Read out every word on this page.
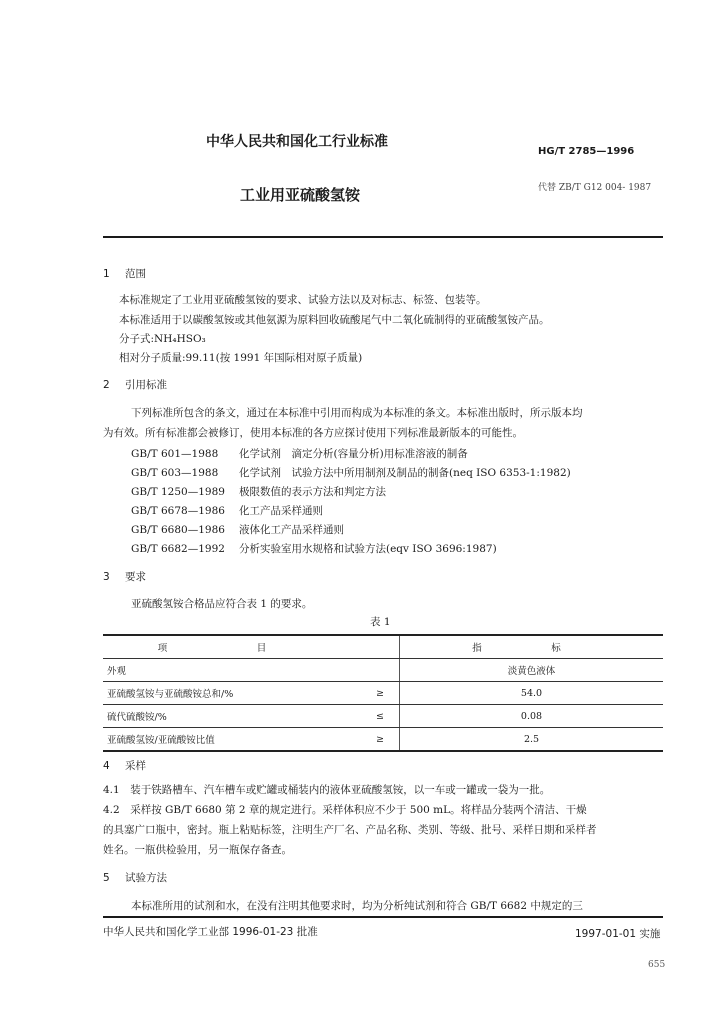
中华人民共和国化工行业标准
HG/T 2785—1996
工业用亚硫酸氢铵	代替 ZB/T G12 004- 1987
1 范围
本标准规定了工业用亚硫酸氢铵的要求、试验方法以及对标志、标签、包装等。
本标准适用于以碳酸氢铵或其他氨源为原料回收硫酸尾气中二氧化硫制得的亚硫酸氢铵产品。
分子式:NH₄HSO₃
相对分子质量:99.11(按 1991 年国际相对原子质量)
2 引用标准
下列标准所包含的条文，通过在本标准中引用而构成为本标准的条文。本标准出版时，所示版本均
为有效。所有标准都会被修订，使用本标准的各方应探讨使用下列标准最新版本的可能性。
GB/T 601—1988 化学试剂　滴定分析(容量分析)用标准溶液的制备
GB/T 603—1988 化学试剂　试验方法中所用制剂及制品的制备(neq ISO 6353-1:1982)
GB/T 1250—1989 极限数值的表示方法和判定方法
GB/T 6678—1986 化工产品采样通则
GB/T 6680—1986 液体化工产品采样通则
GB/T 6682—1992 分析实验室用水规格和试验方法(eqv ISO 3696:1987)
3 要求
亚硫酸氢铵合格品应符合表 1 的要求。
表 1
项　目		指　标
外观		淡黄色液体
亚硫酸氢铵与亚硫酸铵总和/%	≥	54.0
硫代硫酸铵/%	≤	0.08
亚硫酸氢铵/亚硫酸铵比值	≥	2.5
4 采样
4.1　装于铁路槽车、汽车槽车或贮罐或桶装内的液体亚硫酸氢铵，以一车或一罐或一袋为一批。
4.2　采样按 GB/T 6680 第 2 章的规定进行。采样体积应不少于 500 mL。将样品分装两个清洁、干燥
的具塞广口瓶中，密封。瓶上粘贴标签，注明生产厂名、产品名称、类别、等级、批号、采样日期和采样者
姓名。一瓶供检验用，另一瓶保存备查。
5 试验方法
本标准所用的试剂和水，在没有注明其他要求时，均为分析纯试剂和符合 GB/T 6682 中规定的三
中华人民共和国化学工业部 1996-01-23 批准	1997-01-01 实施
655
